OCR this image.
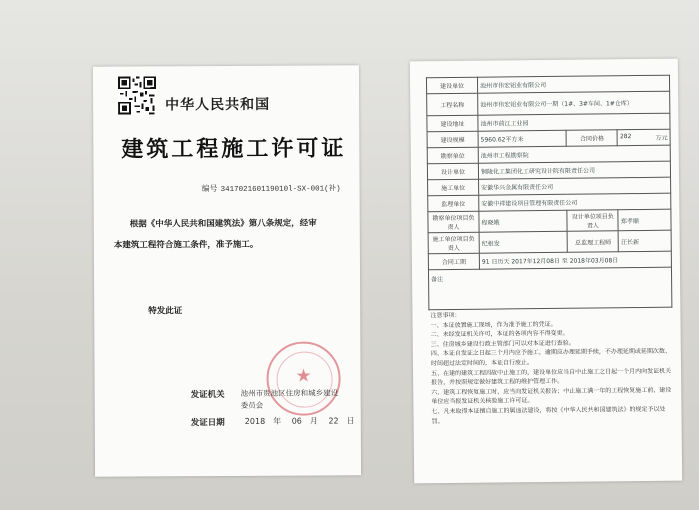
中华人民共和国
建筑工程施工许可证
编号 341702160119010l-SX-001(补)
根据《中华人民共和国建筑法》第八条规定，经审
本建筑工程符合施工条件，准予施工。
特发此证
★
发证机关 池州市贵池区住房和城乡建设委员会
发证日期 2018 年 06 月 22 日
建设单位	池州市伟宏铝业有限公司		
工程名称	池州市伟宏铝业有限公司一期（1#、3#车间、1#仓库）		
建设地址	池州市前江工业园		
建设规模	5960.62平方米	合同价格	282 万元

勘察单位	池州市工程勘察院		
设计单位	铜陵化工集团化工研究设计院有限责任公司		
施工单位	安徽华兴金属有限责任公司		
监理单位	安徽中祥建设项目管理有限责任公司		
勘察单位项目负责人	程晓娥	设计单位项目负责人	郑孝顺
施工单位项目负责人	纪根发	总监理工程师	汪长新
合同工期	91 日历天 2017年12月08日 至 2018年03月08日		
备注			
注意事项：
一、本证放置施工现场，作为准予施工的凭证。
二、未经发证机关许可，本证的各项内容不得变更。
三、住房城乡建设行政主管部门可以对本证进行查验。
四、本证自发证之日起三个月内应予施工，逾期应办理延期手续，不办理延期或延期次数、时间超过法定时间的，本证自行废止。
五、在建的建筑工程因故中止施工的，建设单位应当自中止施工之日起一个月内向发证机关报告，并按照规定做好建筑工程的维护管理工作。
六、建筑工程恢复施工时，应当向发证机关报告；中止施工满一年的工程恢复施工前，建设单位应当报发证机关核验施工许可证。
七、凡未取得本证擅自施工的属违法建设，将按《中华人民共和国建筑法》的规定予以处罚。
